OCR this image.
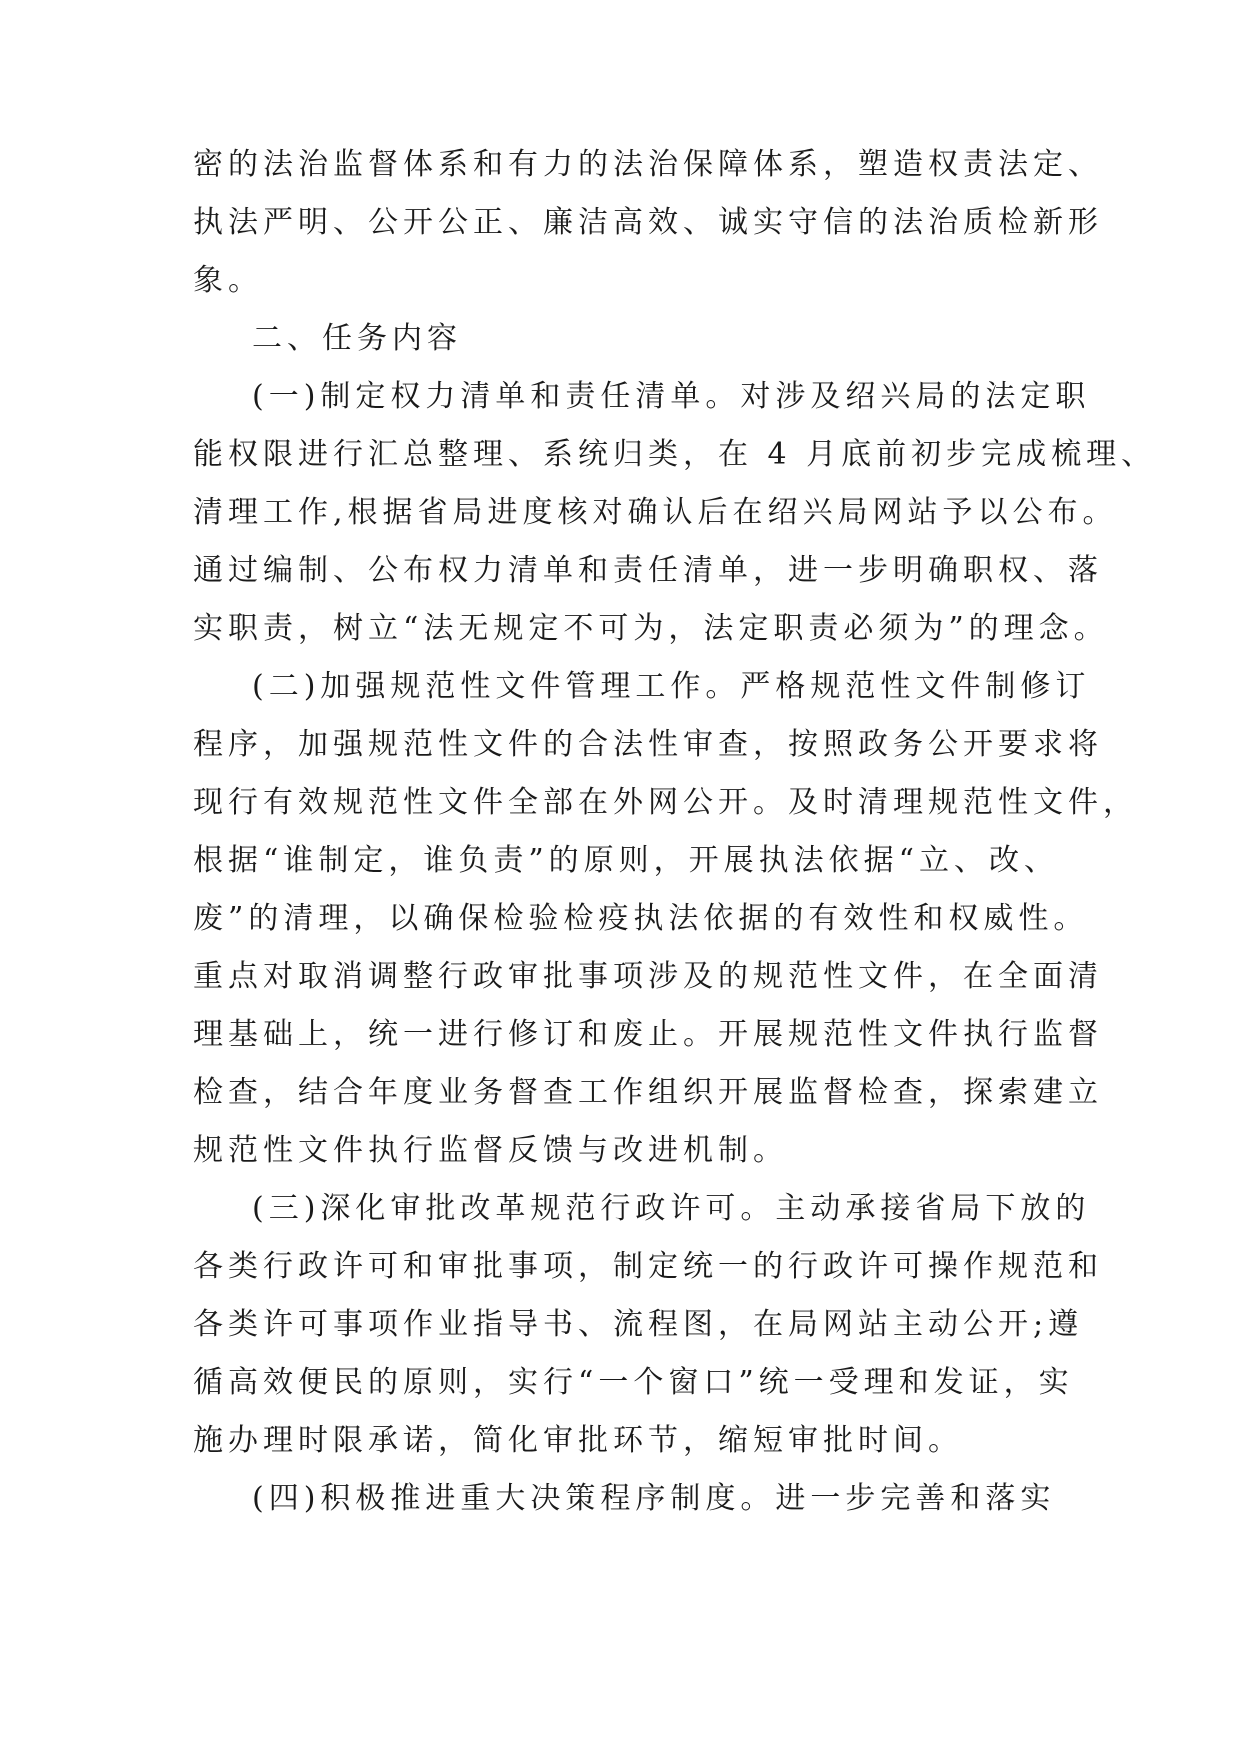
密的法治监督体系和有力的法治保障体系，塑造权责法定、
执法严明、公开公正、廉洁高效、诚实守信的法治质检新形
象。
二、任务内容
(一)制定权力清单和责任清单。对涉及绍兴局的法定职
能权限进行汇总整理、系统归类，在 4 月底前初步完成梳理、
清理工作,根据省局进度核对确认后在绍兴局网站予以公布。
通过编制、公布权力清单和责任清单，进一步明确职权、落
实职责，树立“法无规定不可为，法定职责必须为”的理念。
(二)加强规范性文件管理工作。严格规范性文件制修订
程序，加强规范性文件的合法性审查，按照政务公开要求将
现行有效规范性文件全部在外网公开。及时清理规范性文件，
根据“谁制定，谁负责”的原则，开展执法依据“立、改、
废”的清理，以确保检验检疫执法依据的有效性和权威性。
重点对取消调整行政审批事项涉及的规范性文件，在全面清
理基础上，统一进行修订和废止。开展规范性文件执行监督
检查，结合年度业务督查工作组织开展监督检查，探索建立
规范性文件执行监督反馈与改进机制。
(三)深化审批改革规范行政许可。主动承接省局下放的
各类行政许可和审批事项，制定统一的行政许可操作规范和
各类许可事项作业指导书、流程图，在局网站主动公开;遵
循高效便民的原则，实行“一个窗口”统一受理和发证，实
施办理时限承诺，简化审批环节，缩短审批时间。
(四)积极推进重大决策程序制度。进一步完善和落实
